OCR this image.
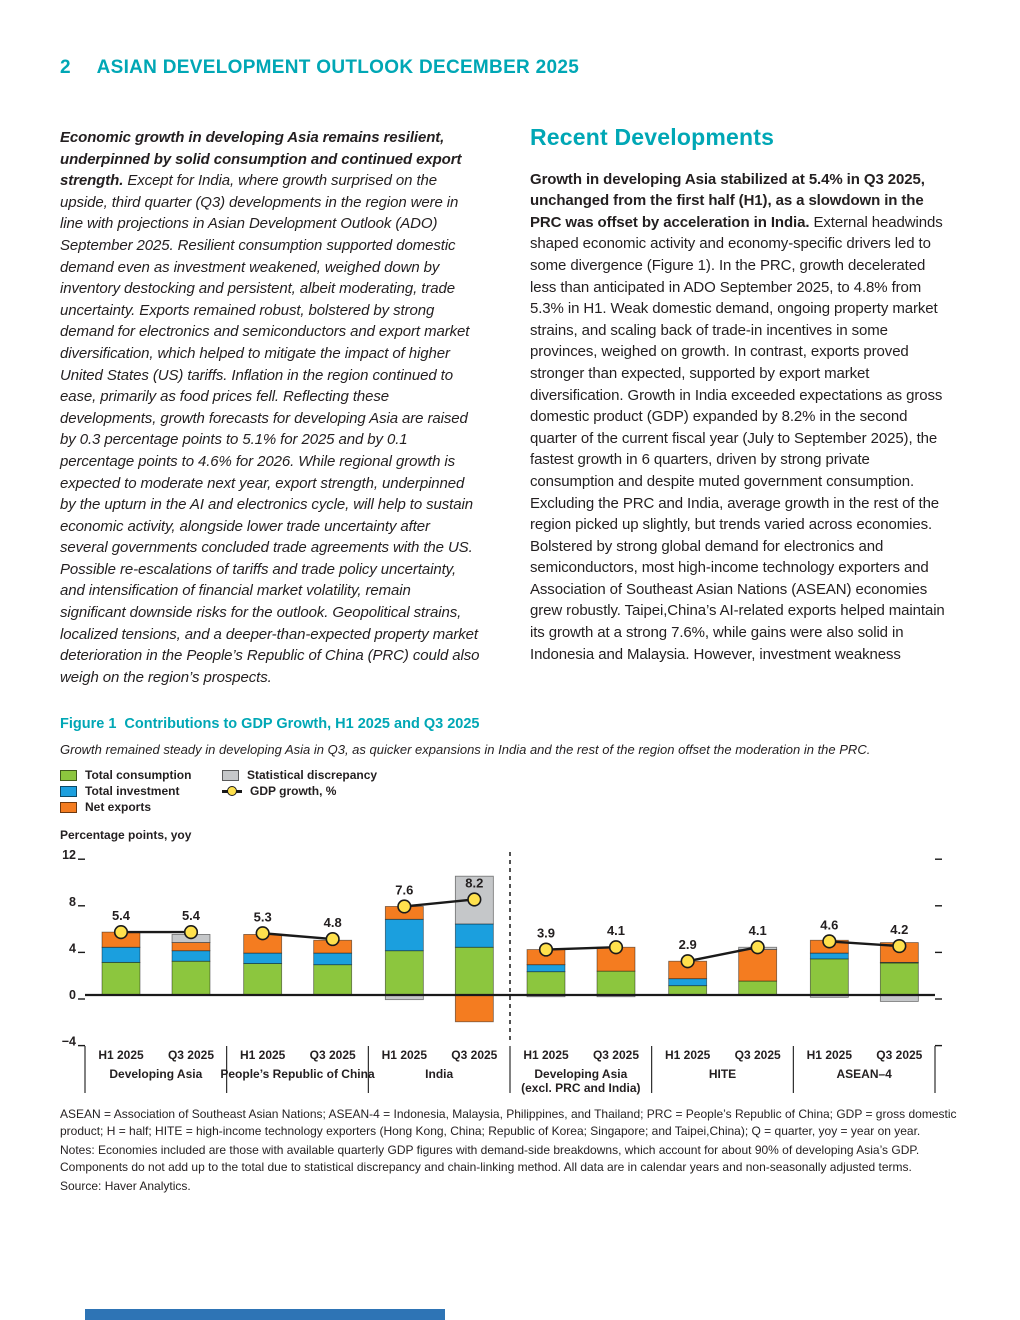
2 ASIAN DEVELOPMENT OUTLOOK DECEMBER 2025

Economic growth in developing Asia remains resilient, underpinned by solid consumption and continued export strength. Except for India, where growth surprised on the upside, third quarter (Q3) developments in the region were in line with projections in Asian Development Outlook (ADO) September 2025. Resilient consumption supported domestic demand even as investment weakened, weighed down by inventory destocking and persistent, albeit moderating, trade uncertainty. Exports remained robust, bolstered by strong demand for electronics and semiconductors and export market diversification, which helped to mitigate the impact of higher United States (US) tariffs. Inflation in the region continued to ease, primarily as food prices fell. Reflecting these developments, growth forecasts for developing Asia are raised by 0.3 percentage points to 5.1% for 2025 and by 0.1 percentage points to 4.6% for 2026. While regional growth is expected to moderate next year, export strength, underpinned by the upturn in the AI and electronics cycle, will help to sustain economic activity, alongside lower trade uncertainty after several governments concluded trade agreements with the US. Possible re-escalations of tariffs and trade policy uncertainty, and intensification of financial market volatility, remain significant downside risks for the outlook. Geopolitical strains, localized tensions, and a deeper-than-expected property market deterioration in the People’s Republic of China (PRC) could also weigh on the region’s prospects.

Recent Developments

Growth in developing Asia stabilized at 5.4% in Q3 2025, unchanged from the first half (H1), as a slowdown in the PRC was offset by acceleration in India. External headwinds shaped economic activity and economy-specific drivers led to some divergence (Figure 1). In the PRC, growth decelerated less than anticipated in ADO September 2025, to 4.8% from 5.3% in H1. Weak domestic demand, ongoing property market strains, and scaling back of trade-in incentives in some provinces, weighed on growth. In contrast, exports proved stronger than expected, supported by export market diversification. Growth in India exceeded expectations as gross domestic product (GDP) expanded by 8.2% in the second quarter of the current fiscal year (July to September 2025), the fastest growth in 6 quarters, driven by strong private consumption and despite muted government consumption. Excluding the PRC and India, average growth in the rest of the region picked up slightly, but trends varied across economies. Bolstered by strong global demand for electronics and semiconductors, most high-income technology exporters and Association of Southeast Asian Nations (ASEAN) economies grew robustly. Taipei,China’s AI-related exports helped maintain its growth at a strong 7.6%, while gains were also solid in Indonesia and Malaysia. However, investment weakness

Figure 1 Contributions to GDP Growth, H1 2025 and Q3 2025
Growth remained steady in developing Asia in Q3, as quicker expansions in India and the rest of the region offset the moderation in the PRC.
Total consumption
Total investment
Net exports
Statistical discrepancy
GDP growth, %
Percentage points, yoy
12
8
4
0
−4
H1 2025 Q3 2025
5.4	5.4
Developing Asia
H1 2025 Q3 2025
5.3	4.8
People’s Republic of China
H1 2025 Q3 2025
7.6	8.2
India
H1 2025 Q3 2025
3.9	4.1
Developing Asia
(excl. PRC and India)
H1 2025 Q3 2025
2.9
4.1
HITE
H1 2025 Q3 2025
4.6	4.2
ASEAN–4

ASEAN = Association of Southeast Asian Nations; ASEAN-4 = Indonesia, Malaysia, Philippines, and Thailand; PRC = People’s Republic of China; GDP = gross domestic product; H = half; HITE = high-income technology exporters (Hong Kong, China; Republic of Korea; Singapore; and Taipei,China); Q = quarter, yoy = year on year.

Notes: Economies included are those with available quarterly GDP figures with demand-side breakdowns, which account for about 90% of developing Asia’s GDP. Components do not add up to the total due to statistical discrepancy and chain-linking method. All data are in calendar years and non-seasonally adjusted terms.

Source: Haver Analytics.
